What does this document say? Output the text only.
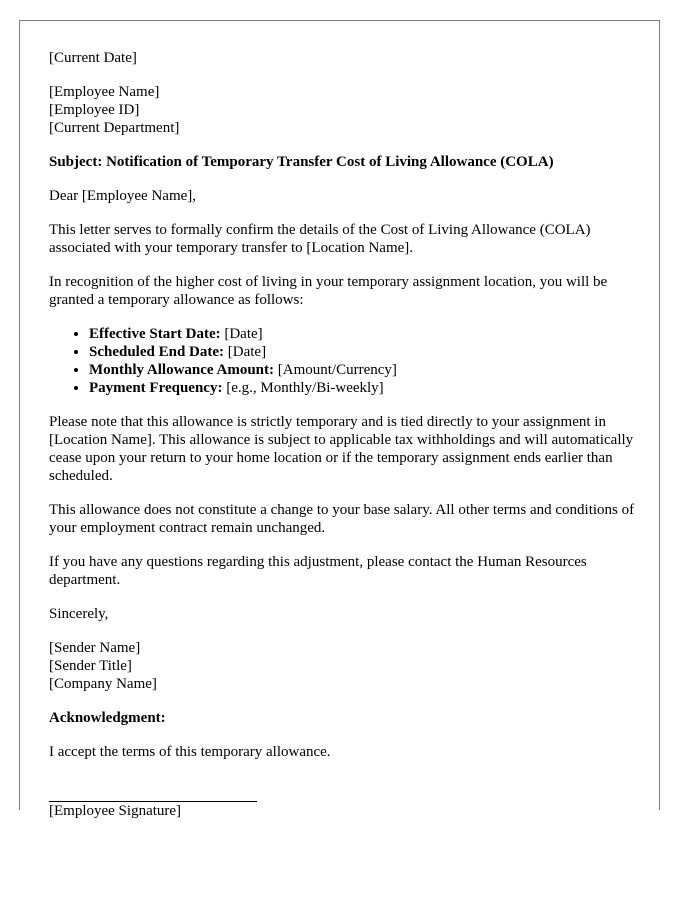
[Current Date]

[Employee Name]
[Employee ID]
[Current Department]

Subject: Notification of Temporary Transfer Cost of Living Allowance (COLA)

Dear [Employee Name],

This letter serves to formally confirm the details of the Cost of Living Allowance (COLA) associated with your temporary transfer to [Location Name].

In recognition of the higher cost of living in your temporary assignment location, you will be granted a temporary allowance as follows:

• Effective Start Date: [Date]
• Scheduled End Date: [Date]
• Monthly Allowance Amount: [Amount/Currency]
• Payment Frequency: [e.g., Monthly/Bi-weekly]

Please note that this allowance is strictly temporary and is tied directly to your assignment in [Location Name]. This allowance is subject to applicable tax withholdings and will automatically cease upon your return to your home location or if the temporary assignment ends earlier than scheduled.

This allowance does not constitute a change to your base salary. All other terms and conditions of your employment contract remain unchanged.

If you have any questions regarding this adjustment, please contact the Human Resources department.

Sincerely,

[Sender Name]
[Sender Title]
[Company Name]

Acknowledgment:

I accept the terms of this temporary allowance.

[Employee Signature]
